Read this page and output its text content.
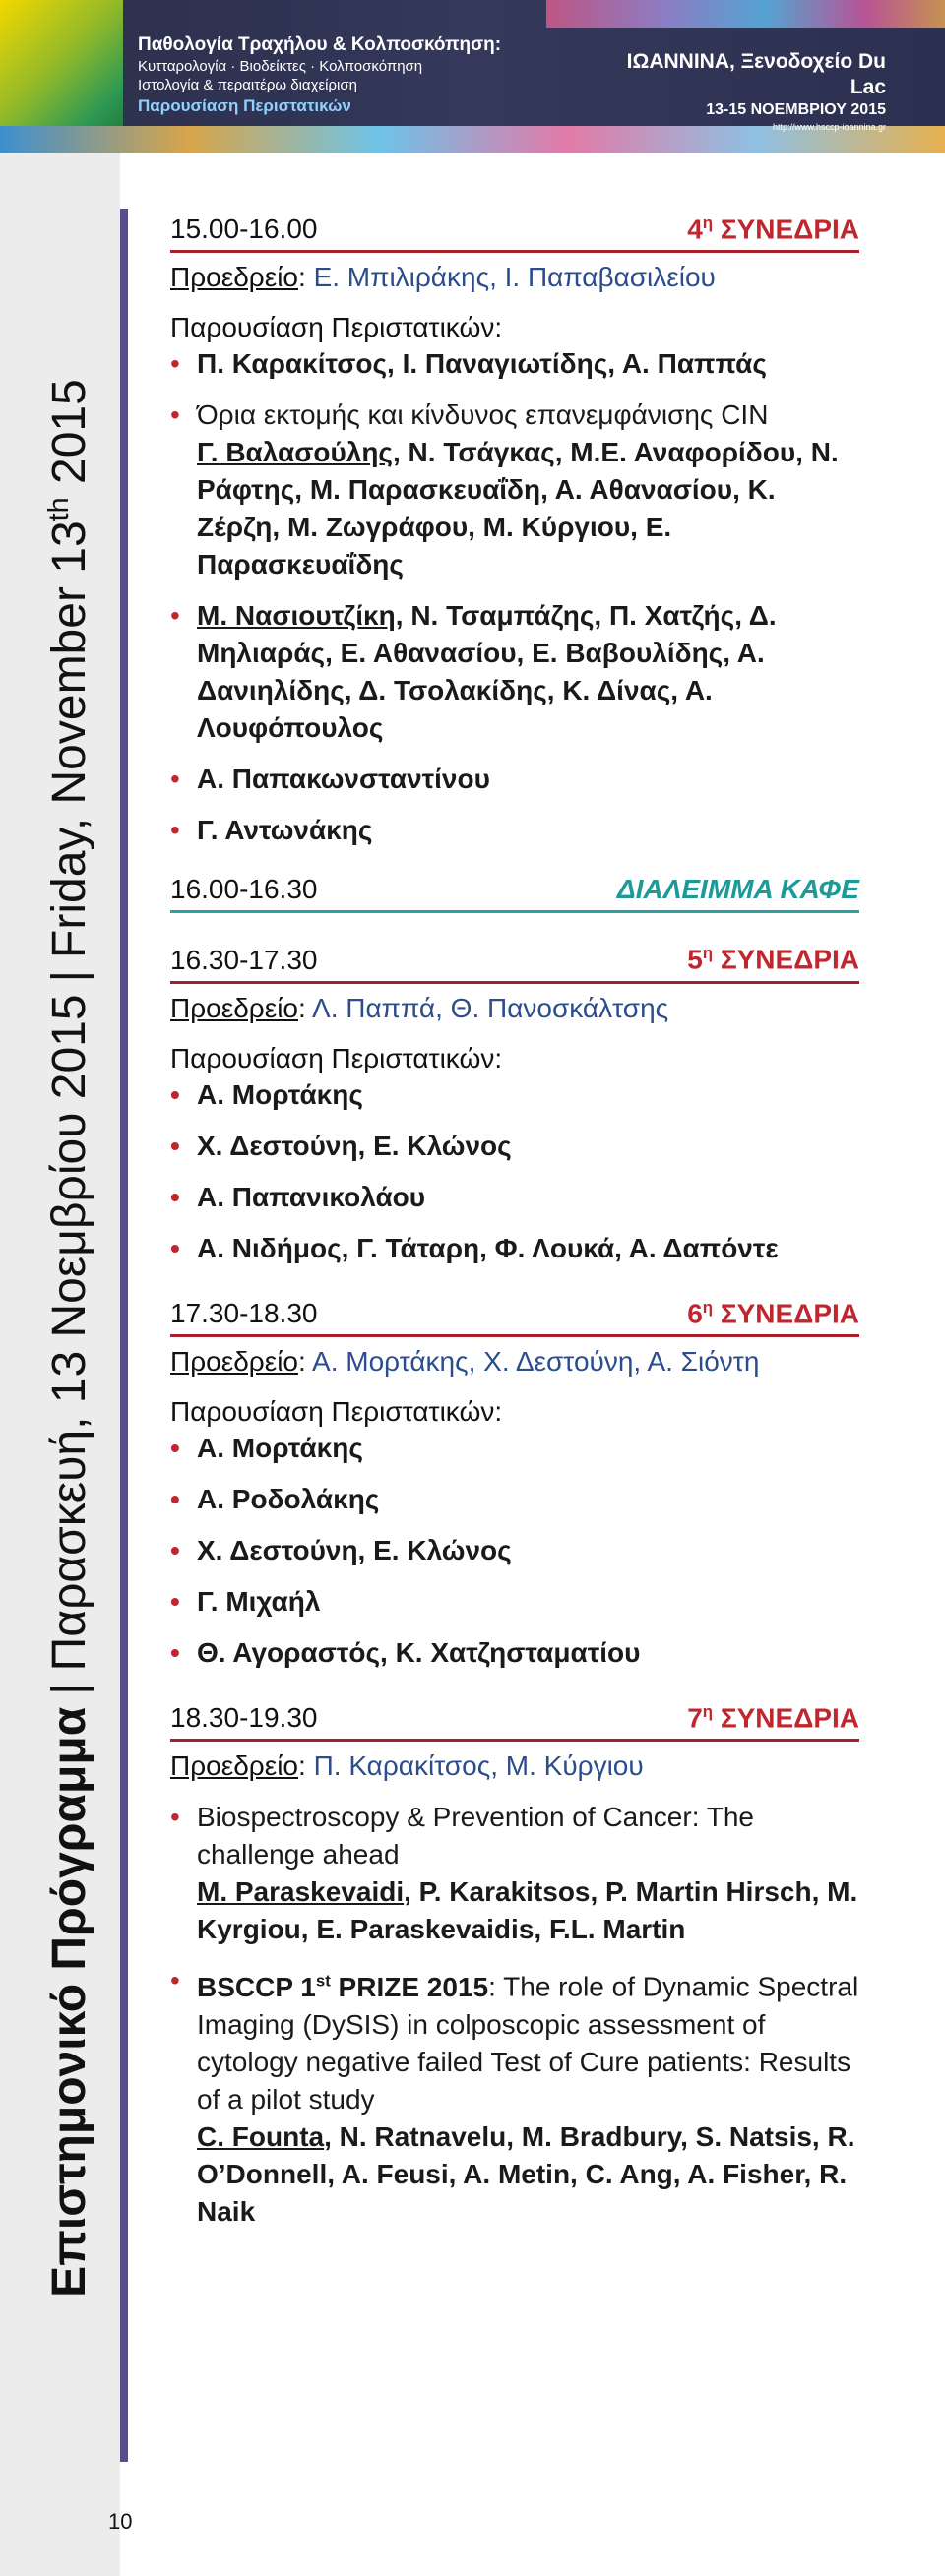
Παθολογία Τραχήλου & Κολποσκόπηση:
Κυτταρολογία · Βιοδείκτες · Κολποσκόπηση
Ιστολογία & περαιτέρω διαχείριση
Παρουσίαση Περιστατικών
ΙΩΑΝΝΙΝΑ, Ξενοδοχείο Du Lac
13-15 ΝΟΕΜΒΡΙΟΥ 2015
http://www.hsccp-ioannina.gr
Επιστημονικό Πρόγραμμα|Παρασκευή, 13 Νοεμβρίου 2015|Friday, November 13th 2015
10
15.00-16.00	$4^\eta$ ΣΥΝΕΔΡΙΑ
Προεδρείο: Ε. Μπιλιράκης, Ι. Παπαβασιλείου
Παρουσίαση Περιστατικών:
• Π. Καρακίτσος, Ι. Παναγιωτίδης, Α. Παππάς
• Όρια εκτομής και κίνδυνος επανεμφάνισης CIN
Γ. Βαλασούλης, Ν. Τσάγκας, Μ.Ε. Αναφορίδου, Ν. Ράφτης, Μ. Παρασκευαΐδη, Α. Αθανασίου, Κ. Ζέρζη, Μ. Ζωγράφου, Μ. Κύργιου, Ε. Παρασκευαΐδης
• Μ. Νασιουτζίκη, Ν. Τσαμπάζης, Π. Χατζής, Δ. Μηλιαράς, Ε. Αθανασίου, Ε. Βαβουλίδης, Α. Δανιηλίδης, Δ. Τσολακίδης, Κ. Δίνας, Α. Λουφόπουλος
• Α. Παπακωνσταντίνου
• Γ. Αντωνάκης
16.00-16.30	ΔΙΑΛΕΙΜΜΑ ΚΑΦΕ
16.30-17.30	$5^\eta$ ΣΥΝΕΔΡΙΑ
Προεδρείο: Λ. Παππά, Θ. Πανοσκάλτσης
Παρουσίαση Περιστατικών:
• Α. Μορτάκης
• Χ. Δεστούνη, Ε. Κλώνος
• Α. Παπανικολάου
• Α. Νιδήμος, Γ. Τάταρη, Φ. Λουκά, Α. Δαπόντε
17.30-18.30	$6^\eta$ ΣΥΝΕΔΡΙΑ
Προεδρείο: Α. Μορτάκης, Χ. Δεστούνη, Α. Σιόντη
Παρουσίαση Περιστατικών:
• Α. Μορτάκης
• Α. Ροδολάκης
• Χ. Δεστούνη, Ε. Κλώνος
• Γ. Μιχαήλ
• Θ. Αγοραστός, Κ. Χατζησταματίου
18.30-19.30	$7^\eta$ ΣΥΝΕΔΡΙΑ
Προεδρείο: Π. Καρακίτσος, Μ. Κύργιου
• Biospectroscopy & Prevention of Cancer: The challenge ahead
M. Paraskevaidi, P. Karakitsos, P. Martin Hirsch, M. Kyrgiou, E. Paraskevaidis, F.L. Martin
• BSCCP 1st PRIZE 2015: The role of Dynamic Spectral Imaging (DySIS) in colposcopic assessment of cytology negative failed Test of Cure patients: Results of a pilot study
C. Founta, N. Ratnavelu, M. Bradbury, S. Natsis, R. O’Donnell, A. Feusi, A. Metin, C. Ang, A. Fisher, R. Naik
